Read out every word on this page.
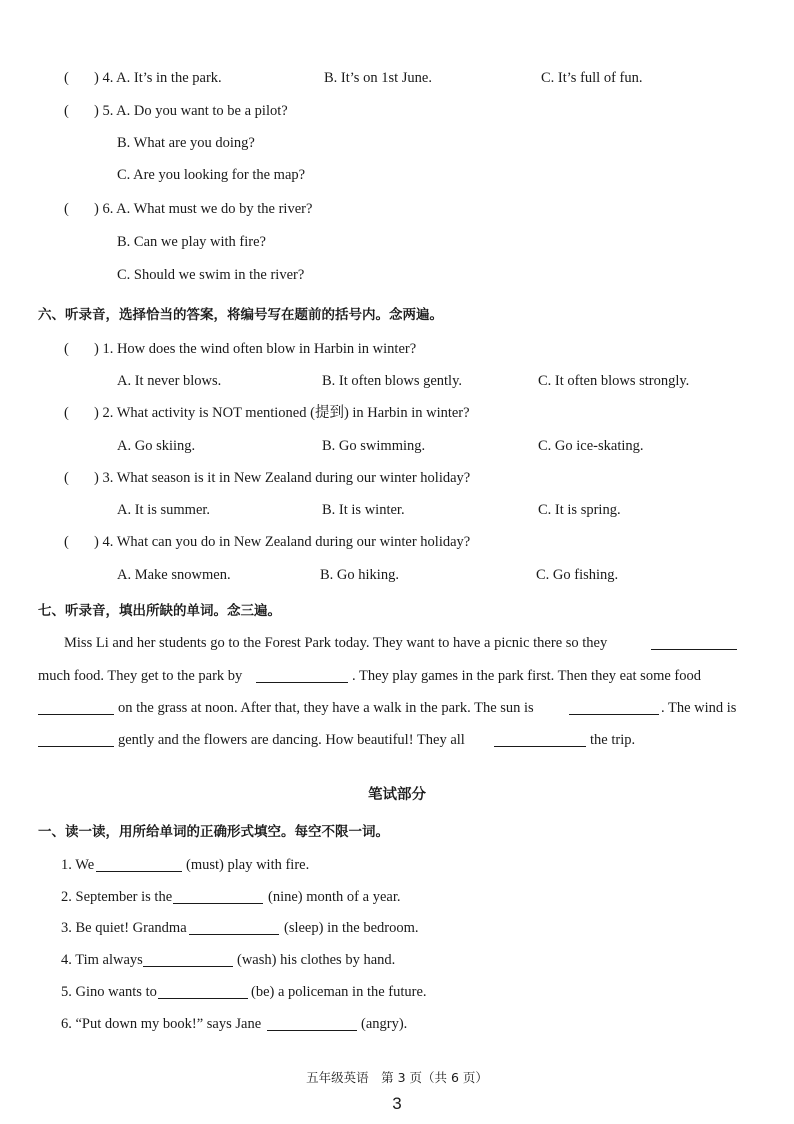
( ) 4. A. It’s in the park.	B. It’s on 1st June.	C. It’s full of fun.
( ) 5. A. Do you want to be a pilot?
B. What are you doing?
C. Are you looking for the map?
( ) 6. A. What must we do by the river?
B. Can we play with fire?
C. Should we swim in the river?
六、听录音，选择恰当的答案，将编号写在题前的括号内。念两遍。
( ) 1. How does the wind often blow in Harbin in winter?
A. It never blows.	B. It often blows gently.	C. It often blows strongly.
( ) 2. What activity is NOT mentioned (提到) in Harbin in winter?
A. Go skiing.	B. Go swimming.	C. Go ice-skating.
( ) 3. What season is it in New Zealand during our winter holiday?
A. It is summer.	B. It is winter.	C. It is spring.
( ) 4. What can you do in New Zealand during our winter holiday?
A. Make snowmen.	B. Go hiking.	C. Go fishing.
七、听录音，填出所缺的单词。念三遍。
Miss Li and her students go to the Forest Park today. They want to have a picnic there so they
much food. They get to the park by	. They play games in the park first. Then they eat some food
on the grass at noon. After that, they have a walk in the park. The sun is	. The wind is
gently and the flowers are dancing. How beautiful! They all	the trip.
笔试部分
一、读一读，用所给单词的正确形式填空。每空不限一词。
1. We	(must) play with fire.
2. September is the	(nine) month of a year.
3. Be quiet! Grandma	(sleep) in the bedroom.
4. Tim always	(wash) his clothes by hand.
5. Gino wants to	(be) a policeman in the future.
6. “Put down my book!” says Jane	(angry).
五年级英语　第 3 页（共 6 页）
3
